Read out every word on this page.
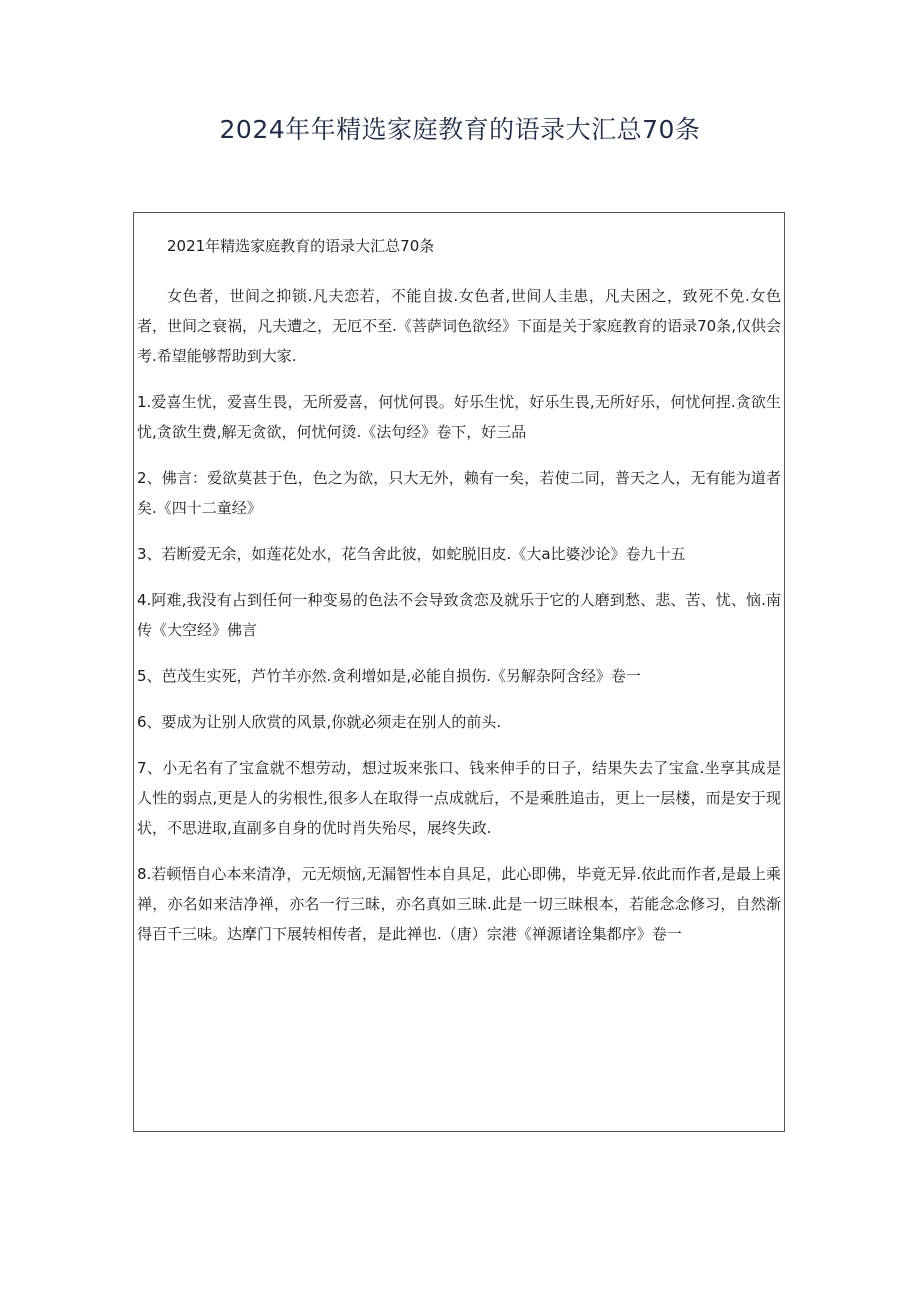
2024年年精选家庭教育的语录大汇总70条

2021年精选家庭教育的语录大汇总70条

女色者，世间之抑锁.凡夫恋若，不能自拔.女色者,世间人圭患，凡夫困之，致死不免.女色者，世间之衰祸，凡夫遭之，无厄不至.《菩萨词色欲经》下面是关于家庭教育的语录70条,仅供会考.希望能够帮助到大家.

1.爱喜生忧，爱喜生畏，无所爱喜，何忧何畏。好乐生忧，好乐生畏,无所好乐，何忧何捏.贪欲生忧,贪欲生费,解无贪欲，何忧何烫.《法句经》卷下，好三品

2、佛言：爱欲莫甚于色，色之为欲，只大无外，赖有一矣，若使二同，普天之人，无有能为道者矣.《四十二童经》

3、若断爱无余，如莲花处水，花刍舍此彼，如蛇脱旧皮.《大a比婆沙论》卷九十五

4.阿难,我没有占到任何一种变易的色法不会导致贪恋及就乐于它的人磨到愁、悲、苦、忧、恼.南传《大空经》佛言

5、芭茂生实死，芦竹羊亦然.贪利增如是,必能自损伤.《另解杂阿含经》卷一

6、要成为让别人欣赏的风景,你就必须走在别人的前头.

7、小无名有了宝盒就不想劳动，想过坂来张口、钱来伸手的日子，结果失去了宝盒.坐享其成是人性的弱点,更是人的劣根性,很多人在取得一点成就后，不是乘胜追击，更上一层楼，而是安于现状，不思进取,直副多自身的优时肖失殆尽，展终失政.

8.若顿悟自心本来清净，元无烦恼,无漏智性本自具足，此心即佛，毕竟无异.依此而作者,是最上乘禅，亦名如来洁净禅，亦名一行三昧，亦名真如三昧.此是一切三昧根本，若能念念修习，自然渐得百千三味。达摩门下展转相传者，是此禅也.（唐）宗港《禅源诸诠集都序》卷一
